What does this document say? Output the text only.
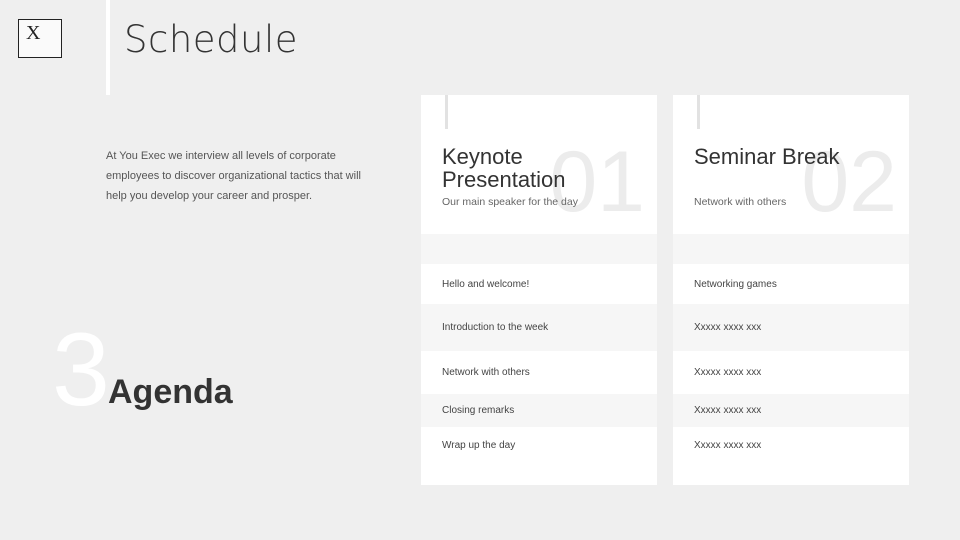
X Schedule
At You Exec we interview all levels of corporate employees to discover organizational tactics that will help you develop your career and prosper.
3
Agenda
01
Keynote Presentation
Our main speaker for the day
Hello and welcome!
Introduction to the week
Network with others
Closing remarks
Wrap up the day
02
Seminar Break
Network with others
Networking games
Xxxxx xxxx xxx
Xxxxx xxxx xxx
Xxxxx xxxx xxx
Xxxxx xxxx xxx
